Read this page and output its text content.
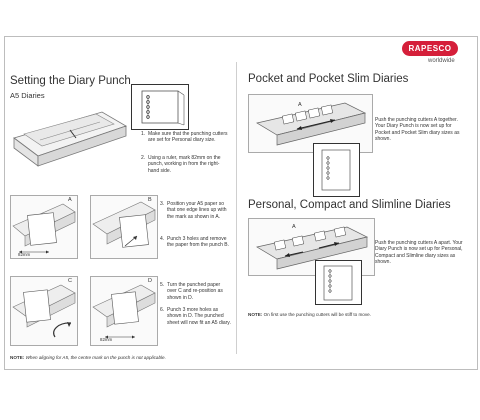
RAPESCO
worldwide
Setting the Diary Punch
A5 Diaries
1. Make sure that the punching cutters are set for Personal diary size.
2. Using a ruler, mark 82mm on the punch, working in from the right-hand side.
A
82mm
B
3. Position your A5 paper so that one edge lines up with the mark as shown in A.
4. Punch 3 holes and remove the paper from the punch B.
C	D
82mm
5. Turn the punched paper over C and re-position as shown in D.
6. Punch 3 more holes as shown in D. The punched sheet will now fit an A5 diary.
NOTE: When aligning for A5, the centre mark on the punch is not applicable.
Pocket and Pocket Slim Diaries
A
Push the punching cutters A together. Your Diary Punch is now set up for Pocket and Pocket Slim diary sizes as shown.
Personal, Compact and Slimline Diaries
A
Push the punching cutters A apart. Your Diary Punch is now set up for Personal, Compact and Slimline diary sizes as shown.
NOTE: On first use the punching cutters will be stiff to move.
